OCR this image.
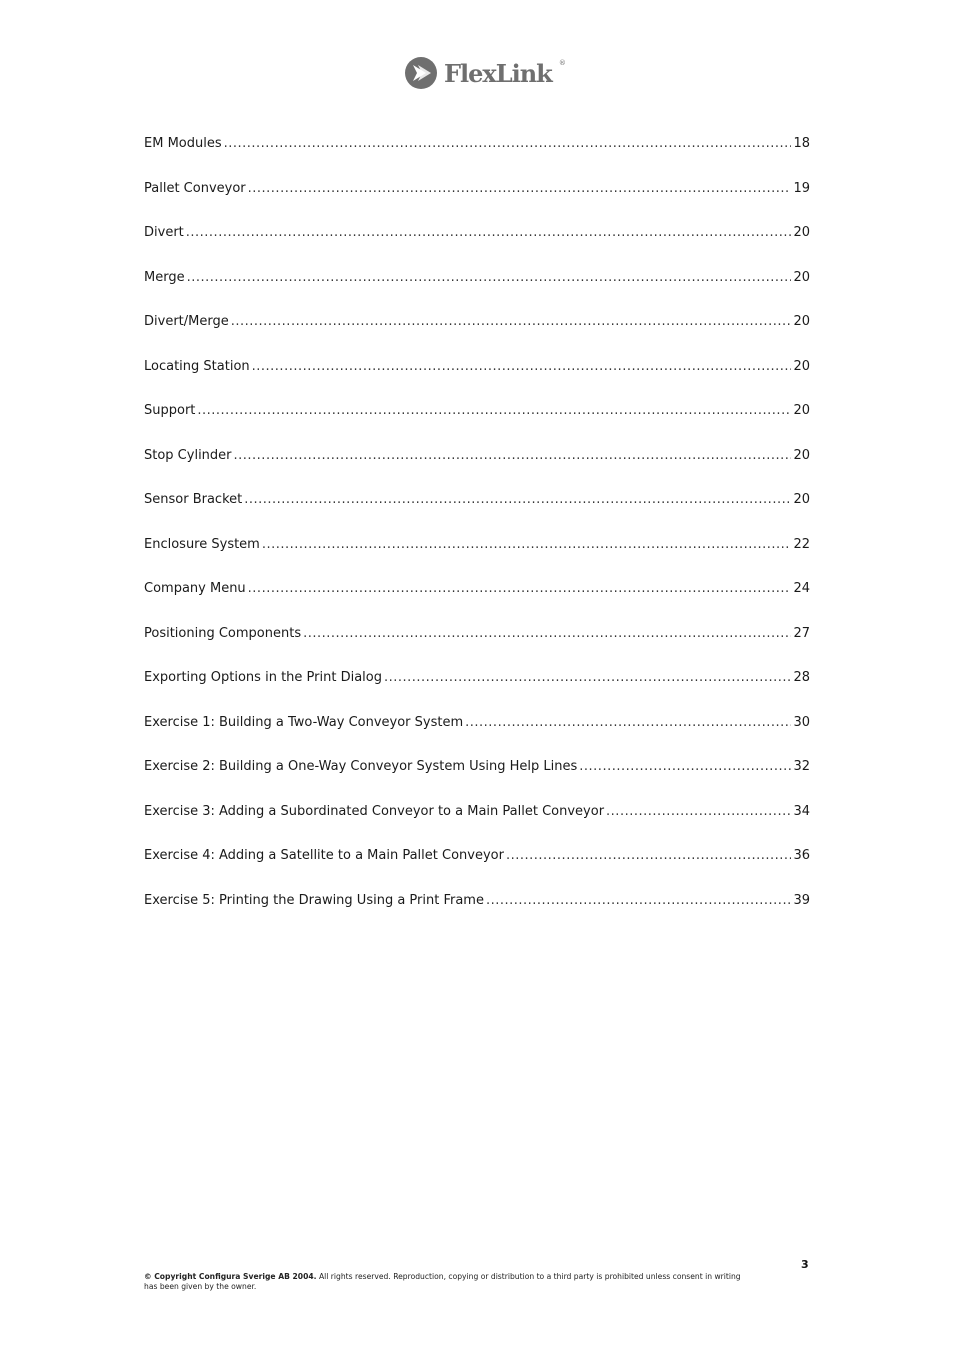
FlexLink ®
EM Modules .....	18
Pallet Conveyor .....	19
Divert .....	20
Merge .....	20
Divert/Merge .....	20
Locating Station .....	20
Support .....	20
Stop Cylinder .....	20
Sensor Bracket .....	20
Enclosure System .....	22
Company Menu .....	24
Positioning Components .....	27
Exporting Options in the Print Dialog .....	28
Exercise 1: Building a Two-Way Conveyor System .....	30
Exercise 2: Building a One-Way Conveyor System Using Help Lines .....	32
Exercise 3: Adding a Subordinated Conveyor to a Main Pallet Conveyor .....	34
Exercise 4: Adding a Satellite to a Main Pallet Conveyor .....	36
Exercise 5: Printing the Drawing Using a Print Frame .....	39
3
© Copyright Configura Sverige AB 2004. All rights reserved. Reproduction, copying or distribution to a third party is prohibited unless consent in writing has been given by the owner.
